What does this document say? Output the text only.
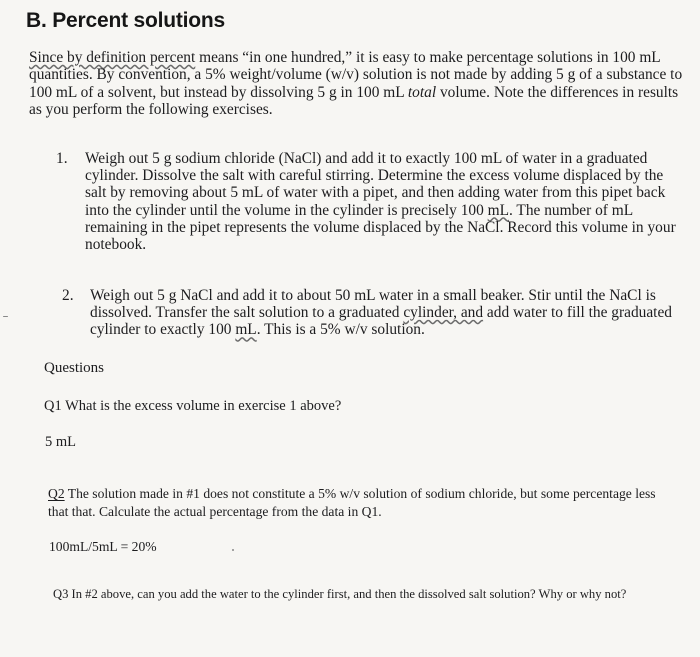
B. Percent solutions
Since by definition percent means “in one hundred,” it is easy to make percentage solutions in 100 mL quantities. By convention, a 5% weight/volume (w/v) solution is not made by adding 5 g of a substance to 100 mL of a solvent, but instead by dissolving 5 g in 100 mL total volume. Note the differences in results as you perform the following exercises.
1. Weigh out 5 g sodium chloride (NaCl) and add it to exactly 100 mL of water in a graduated cylinder. Dissolve the salt with careful stirring. Determine the excess volume displaced by the salt by removing about 5 mL of water with a pipet, and then adding water from this pipet back into the cylinder until the volume in the cylinder is precisely 100 mL. The number of mL remaining in the pipet represents the volume displaced by the NaCl. Record this volume in your notebook.
2. Weigh out 5 g NaCl and add it to about 50 mL water in a small beaker. Stir until the NaCl is dissolved. Transfer the salt solution to a graduated cylinder, and add water to fill the graduated cylinder to exactly 100 mL. This is a 5% w/v solution.
Questions
Q1 What is the excess volume in exercise 1 above?
5 mL
Q2 The solution made in #1 does not constitute a 5% w/v solution of sodium chloride, but some percentage less that that. Calculate the actual percentage from the data in Q1.
100mL/5mL = 20%
Q3 In #2 above, can you add the water to the cylinder first, and then the dissolved salt solution? Why or why not?
